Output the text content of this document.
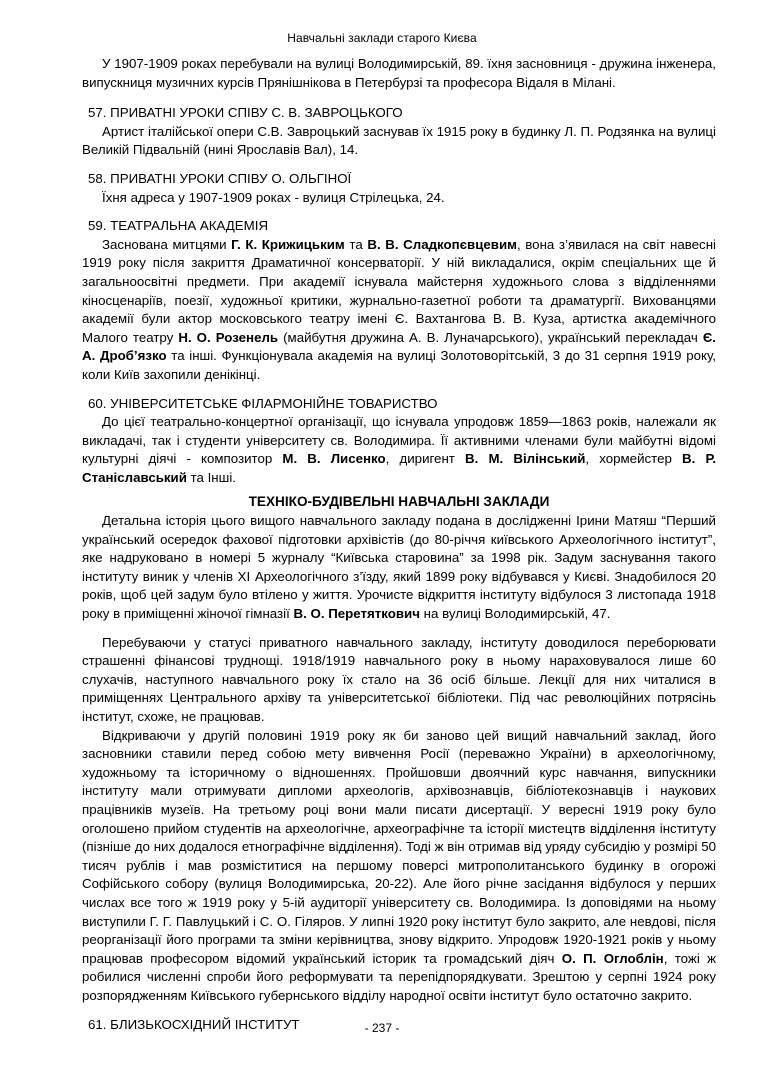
Навчальні заклади старого Києва

У 1907-1909 роках перебували на вулиці Володимирській, 89. їхня засновниця - дружина інженера, випускниця музичних курсів Прянішнікова в Петербурзі та професора Відаля в Мілані.

57. ПРИВАТНІ УРОКИ СПІВУ С. В. ЗАВРОЦЬКОГО

Артист італійської опери С.В. Завроцький заснував їх 1915 року в будинку Л. П. Родзянка на вулиці Великій Підвальній (нині Ярославів Вал), 14.

58. ПРИВАТНІ УРОКИ СПІВУ О. ОЛЬГІНОЇ

Їхня адреса у 1907-1909 роках - вулиця Стрілецька, 24.

59. ТЕАТРАЛЬНА АКАДЕМІЯ

Заснована митцями Г. К. Крижицьким та В. В. Сладкопєвцевим, вона з’явилася на світ навесні 1919 року після закриття Драматичної консерваторії. У ній викладалися, окрім спеціальних ще й загальноосвітні предмети. При академії існувала майстерня художнього слова з відділеннями кіносценаріїв, поезії, художньої критики, журнально-газетної роботи та драматургії. Вихованцями академії були актор московського театру імені Є. Вахтангова В. В. Куза, артистка академічного Малого театру Н. О. Розенель (майбутня дружина А. В. Луначарського), український перекладач Є. А. Дроб’язко та інші. Функціонувала академія на вулиці Золотоворітській, 3 до 31 серпня 1919 року, коли Київ захопили денікінці.

60. УНІВЕРСИТЕТСЬКЕ ФІЛАРМОНІЙНЕ ТОВАРИСТВО

До цієї театрально-концертної організації, що існувала упродовж 1859—1863 років, належали як викладачі, так і студенти університету св. Володимира. Її активними членами були майбутні відомі культурні діячі - композитор М. В. Лисенко, диригент В. М. Вілінський, хормейстер В. Р. Станіславський та Інші.

ТЕХНІКО-БУДІВЕЛЬНІ НАВЧАЛЬНІ ЗАКЛАДИ

Детальна історія цього вищого навчального закладу подана в дослідженні Ірини Матяш “Перший український осередок фахової підготовки архівістів (до 80-річчя київського Археологічного інститут”, яке надруковано в номері 5 журналу “Київська старовина” за 1998 рік. Задум заснування такого інституту виник у членів XI Археологічного з’їзду, який 1899 року відбувався у Києві. Знадобилося 20 років, щоб цей задум було втілено у життя. Урочисте відкриття інституту відбулося 3 листопада 1918 року в приміщенні жіночої гімназії В. О. Перетяткович на вулиці Володимирській, 47.

Перебуваючи у статусі приватного навчального закладу, інституту доводилося переборювати страшенні фінансові труднощі. 1918/1919 навчального року в ньому нараховувалося лише 60 слухачів, наступного навчального року їх стало на 36 осіб більше. Лекції для них читалися в приміщеннях Центрального архіву та університетської бібліотеки. Під час революційних потрясінь інститут, схоже, не працював.

Відкриваючи у другій половині 1919 року як би заново цей вищий навчальний заклад, його засновники ставили перед собою мету вивчення Росії (переважно України) в археологічному, художньому та історичному о відношеннях. Пройшовши двоячний курс навчання, випускники інституту мали отримувати дипломи археологів, архівознавців, бібліотекознавців і наукових працівників музеїв. На третьому році вони мали писати дисертації. У вересні 1919 року було оголошено прийом студентів на археологічне, археографічне та історії мистецтв відділення інституту (пізніше до них додалося етнографічне відділення). Тоді ж він отримав від уряду субсидію у розмірі 50 тисяч рублів і мав розміститися на першому поверсі митрополитанського будинку в огорожі Софійського собору (вулиця Володимирська, 20-22). Але його річне засідання відбулося у перших числах все того ж 1919 року у 5-ій аудиторії університету св. Володимира. Із доповідями на ньому виступили Г. Г. Павлуцький і С. О. Гіляров. У липні 1920 року інститут було закрито, але невдові, після реорганізації його програми та зміни керівництва, знову відкрито. Упродовж 1920-1921 років у ньому працював професором відомий український історик та громадський діяч О. П. Оглоблін, тожі ж робилися численні спроби його реформувати та перепідпорядкувати. Зрештою у серпні 1924 року розпорядженням Київського губернського відділу народної освіти інститут було остаточно закрито.

61. БЛИЗЬКОСХІДНИЙ ІНСТИТУТ	- 237 -
